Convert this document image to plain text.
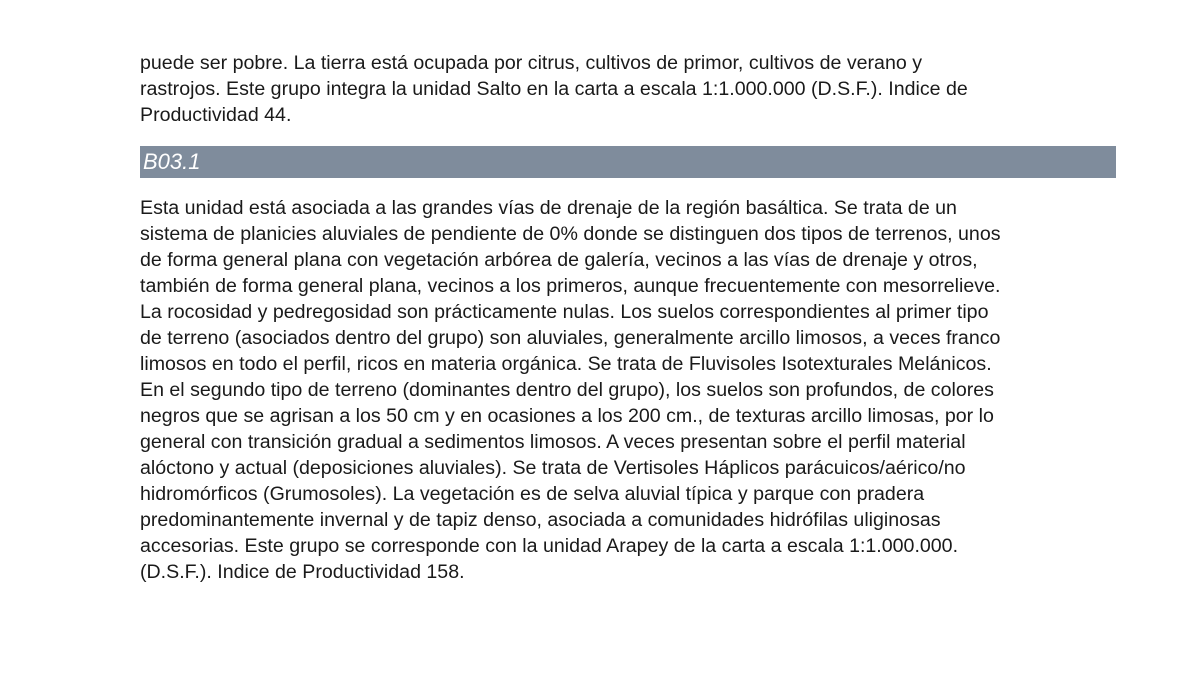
puede ser pobre. La tierra está ocupada por citrus, cultivos de primor, cultivos de verano y
rastrojos. Este grupo integra la unidad Salto en la carta a escala 1:1.000.000 (D.S.F.). Indice de
Productividad 44.

B03.1

Esta unidad está asociada a las grandes vías de drenaje de la región basáltica. Se trata de un
sistema de planicies aluviales de pendiente de 0% donde se distinguen dos tipos de terrenos, unos
de forma general plana con vegetación arbórea de galería, vecinos a las vías de drenaje y otros,
también de forma general plana, vecinos a los primeros, aunque frecuentemente con mesorrelieve.
La rocosidad y pedregosidad son prácticamente nulas. Los suelos correspondientes al primer tipo
de terreno (asociados dentro del grupo) son aluviales, generalmente arcillo limosos, a veces franco
limosos en todo el perfil, ricos en materia orgánica. Se trata de Fluvisoles Isotexturales Melánicos.
En el segundo tipo de terreno (dominantes dentro del grupo), los suelos son profundos, de colores
negros que se agrisan a los 50 cm y en ocasiones a los 200 cm., de texturas arcillo limosas, por lo
general con transición gradual a sedimentos limosos. A veces presentan sobre el perfil material
alóctono y actual (deposiciones aluviales). Se trata de Vertisoles Háplicos parácuicos/aérico/no
hidromórficos (Grumosoles). La vegetación es de selva aluvial típica y parque con pradera
predominantemente invernal y de tapiz denso, asociada a comunidades hidrófilas uliginosas
accesorias. Este grupo se corresponde con la unidad Arapey de la carta a escala 1:1.000.000.
(D.S.F.). Indice de Productividad 158.
